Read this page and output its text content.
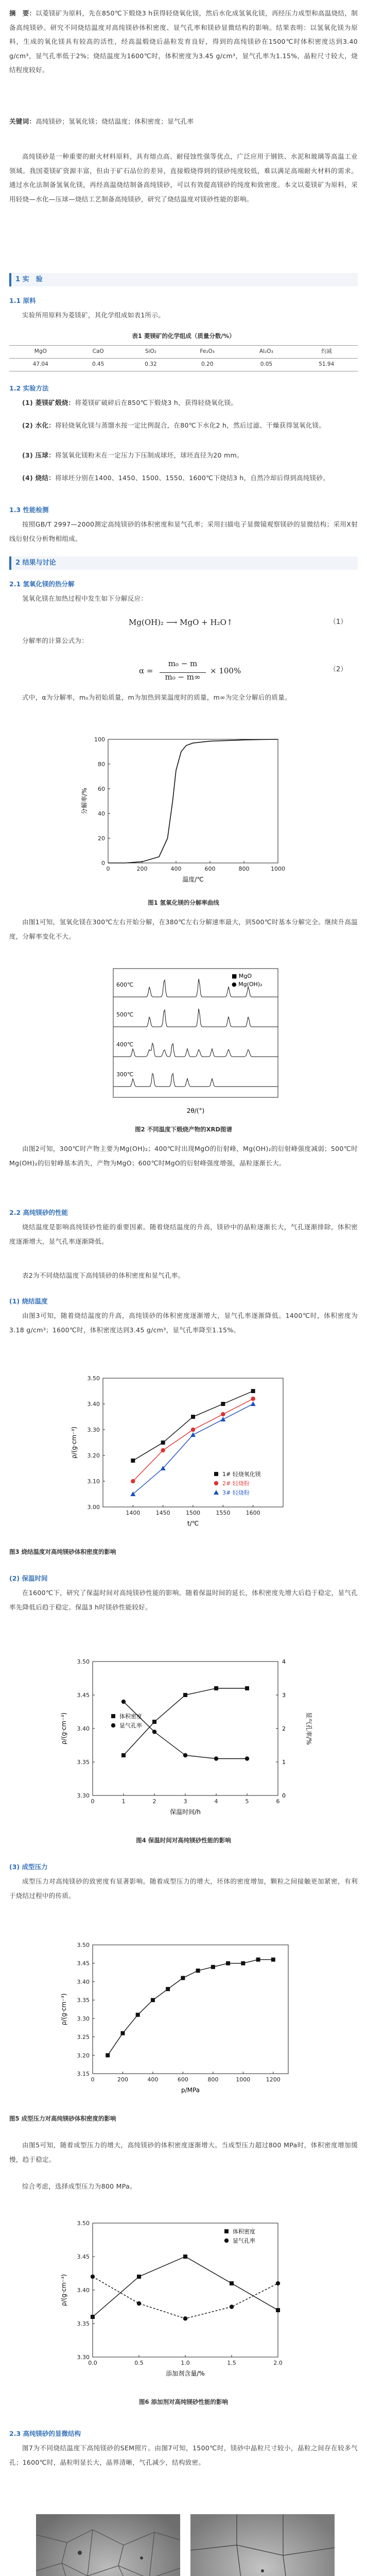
摘　要：以菱镁矿为原料，先在850℃下煅烧3 h获得轻烧氧化镁，然后水化成氢氧化镁，再经压力成型和高温烧结，制备高纯镁砂。研究不同烧结温度对高纯镁砂体积密度、显气孔率和镁砂显微结构的影响。结果表明：以氢氧化镁为原料，生成的氧化镁具有较高的活性，经高温煅烧后晶粒发育良好，得到的高纯镁砂在1500℃时体积密度达到3.40 g/cm³，显气孔率低于2%；烧结温度为1600℃时，体积密度为3.45 g/cm³，显气孔率为1.15%，晶粒尺寸较大，烧结程度较好。

关键词：高纯镁砂；氢氧化镁；烧结温度；体积密度；显气孔率

高纯镁砂是一种重要的耐火材料原料，具有熔点高、耐侵蚀性强等优点，广泛应用于钢铁、水泥和玻璃等高温工业领域。我国菱镁矿资源丰富，但由于矿石品位的差异，直接煅烧得到的镁砂纯度较低，难以满足高端耐火材料的需求。通过水化法制备氢氧化镁，再经高温烧结制备高纯镁砂，可以有效提高镁砂的纯度和致密度。本文以菱镁矿为原料，采用轻烧—水化—压球—烧结工艺制备高纯镁砂，研究了烧结温度对镁砂性能的影响。

1 实　验
1.1 原料

实验所用原料为菱镁矿，其化学组成如表1所示。

表1 菱镁矿的化学组成（质量分数/%）
MgO	CaO	SiO₂	Fe₂O₃	Al₂O₃	灼减
47.04	0.45	0.32	0.20	0.05	51.94
1.2 实验方法

(1) 菱镁矿煅烧：将菱镁矿破碎后在850℃下煅烧3 h，获得轻烧氧化镁。

(2) 水化：将轻烧氧化镁与蒸馏水按一定比例混合，在80℃下水化2 h，然后过滤、干燥获得氢氧化镁。

(3) 压球：将氢氧化镁粉末在一定压力下压制成球坯，球坯直径为20 mm。

(4) 烧结：将球坯分别在1400、1450、1500、1550、1600℃下烧结3 h，自然冷却后得到高纯镁砂。

1.3 性能检测

按照GB/T 2997—2000测定高纯镁砂的体积密度和显气孔率；采用扫描电子显微镜观察镁砂的显微结构；采用X射线衍射仪分析物相组成。

2 结果与讨论
2.1 氢氧化镁的热分解

氢氧化镁在加热过程中发生如下分解反应：

Mg(OH)₂ ⟶ MgO + H₂O↑	（1）

分解率的计算公式为：

α =
m₀ − m
m₀ − m∞
× 100%	（2）

式中，α为分解率，m₀为初始质量，m为加热到某温度时的质量，m∞为完全分解后的质量。

0	200	400	600	800	1000
0
20
40
60
80
100
温度/℃
分解率/%
图1 氢氧化镁的分解率曲线

由图1可知，氢氧化镁在300℃左右开始分解，在380℃左右分解速率最大，到500℃时基本分解完全。继续升高温度，分解率变化不大。

600℃
500℃
400℃
300℃
■ MgO
● Mg(OH)₂
2θ/(°)
图2 不同温度下煅烧产物的XRD图谱

由图2可知，300℃时产物主要为Mg(OH)₂；400℃时出现MgO的衍射峰，Mg(OH)₂的衍射峰强度减弱；500℃时Mg(OH)₂的衍射峰基本消失，产物为MgO；600℃时MgO的衍射峰强度增强，晶粒逐渐长大。

2.2 高纯镁砂的性能

烧结温度是影响高纯镁砂性能的重要因素。随着烧结温度的升高，镁砂中的晶粒逐渐长大，气孔逐渐排除，体积密度逐渐增大，显气孔率逐渐降低。

表2为不同烧结温度下高纯镁砂的体积密度和显气孔率。

(1) 烧结温度

由图3可知，随着烧结温度的升高，高纯镁砂的体积密度逐渐增大，显气孔率逐渐降低。1400℃时，体积密度为3.18 g/cm³；1600℃时，体积密度达到3.45 g/cm³，显气孔率降至1.15%。

1400	1450	1500	1550	1600
3.00
3.10
3.20
3.30
3.40
3.50
1# 轻烧氧化镁
2# 轻烧粉
3# 轻烧粉
t/℃
ρ/(g·cm⁻³)
图3 烧结温度对高纯镁砂体积密度的影响
(2) 保温时间

在1600℃下，研究了保温时间对高纯镁砂性能的影响。随着保温时间的延长，体积密度先增大后趋于稳定，显气孔率先降低后趋于稳定。保温3 h时镁砂性能较好。

0	1	2	3	4	5	6
3.30
3.35
3.40
3.45
3.50
0
1
2
3
4
体积密度
显气孔率
保温时间/h
ρ/(g·cm⁻³)	显气孔率/%
图4 保温时间对高纯镁砂性能的影响
(3) 成型压力

成型压力对高纯镁砂的致密度有显著影响。随着成型压力的增大，坯体的密度增加，颗粒之间接触更加紧密，有利于烧结过程中的传质。

0	200	400	600	800	1000	1200
3.15
3.20
3.25
3.30
3.35
3.40
3.45
3.50
p/MPa
ρ/(g·cm⁻³)
图5 成型压力对高纯镁砂体积密度的影响

由图5可知，随着成型压力的增大，高纯镁砂的体积密度逐渐增大。当成型压力超过800 MPa时，体积密度增加缓慢，趋于稳定。

综合考虑，选择成型压力为800 MPa。

0.0	0.5	1.0	1.5	2.0
3.30
3.35
3.40
3.45
3.50
体积密度
显气孔率
添加剂含量/%
ρ/(g·cm⁻³)
图6 添加剂对高纯镁砂性能的影响
2.3 高纯镁砂的显微结构

图7为不同烧结温度下高纯镁砂的SEM照片。由图7可知，1500℃时，镁砂中晶粒尺寸较小，晶粒之间存在较多气孔；1600℃时，晶粒明显长大，晶界清晰，气孔减少，结构致密。
